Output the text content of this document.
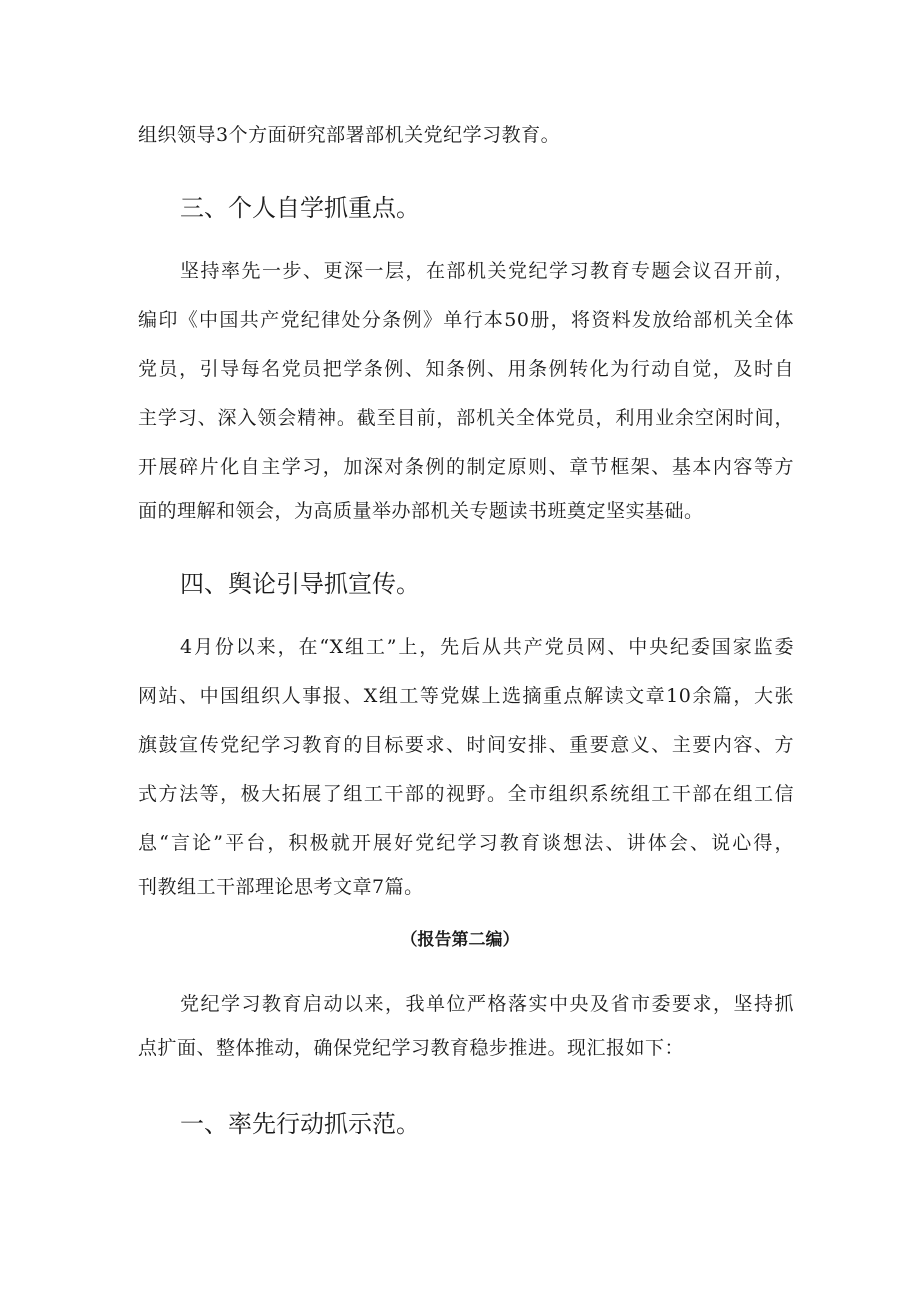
组织领导3个方面研究部署部机关党纪学习教育。
三、个人自学抓重点。
坚持率先一步、更深一层，在部机关党纪学习教育专题会议召开前，
编印《中国共产党纪律处分条例》单行本50册，将资料发放给部机关全体
党员，引导每名党员把学条例、知条例、用条例转化为行动自觉，及时自
主学习、深入领会精神。截至目前，部机关全体党员，利用业余空闲时间，
开展碎片化自主学习，加深对条例的制定原则、章节框架、基本内容等方
面的理解和领会，为高质量举办部机关专题读书班奠定坚实基础。
四、舆论引导抓宣传。
4月份以来，在“X组工”上，先后从共产党员网、中央纪委国家监委
网站、中国组织人事报、X组工等党媒上选摘重点解读文章10余篇，大张
旗鼓宣传党纪学习教育的目标要求、时间安排、重要意义、主要内容、方
式方法等，极大拓展了组工干部的视野。全市组织系统组工干部在组工信
息“言论”平台，积极就开展好党纪学习教育谈想法、讲体会、说心得，
刊教组工干部理论思考文章7篇。
（报告第二编）
党纪学习教育启动以来，我单位严格落实中央及省市委要求，坚持抓
点扩面、整体推动，确保党纪学习教育稳步推进。现汇报如下：
一、率先行动抓示范。
